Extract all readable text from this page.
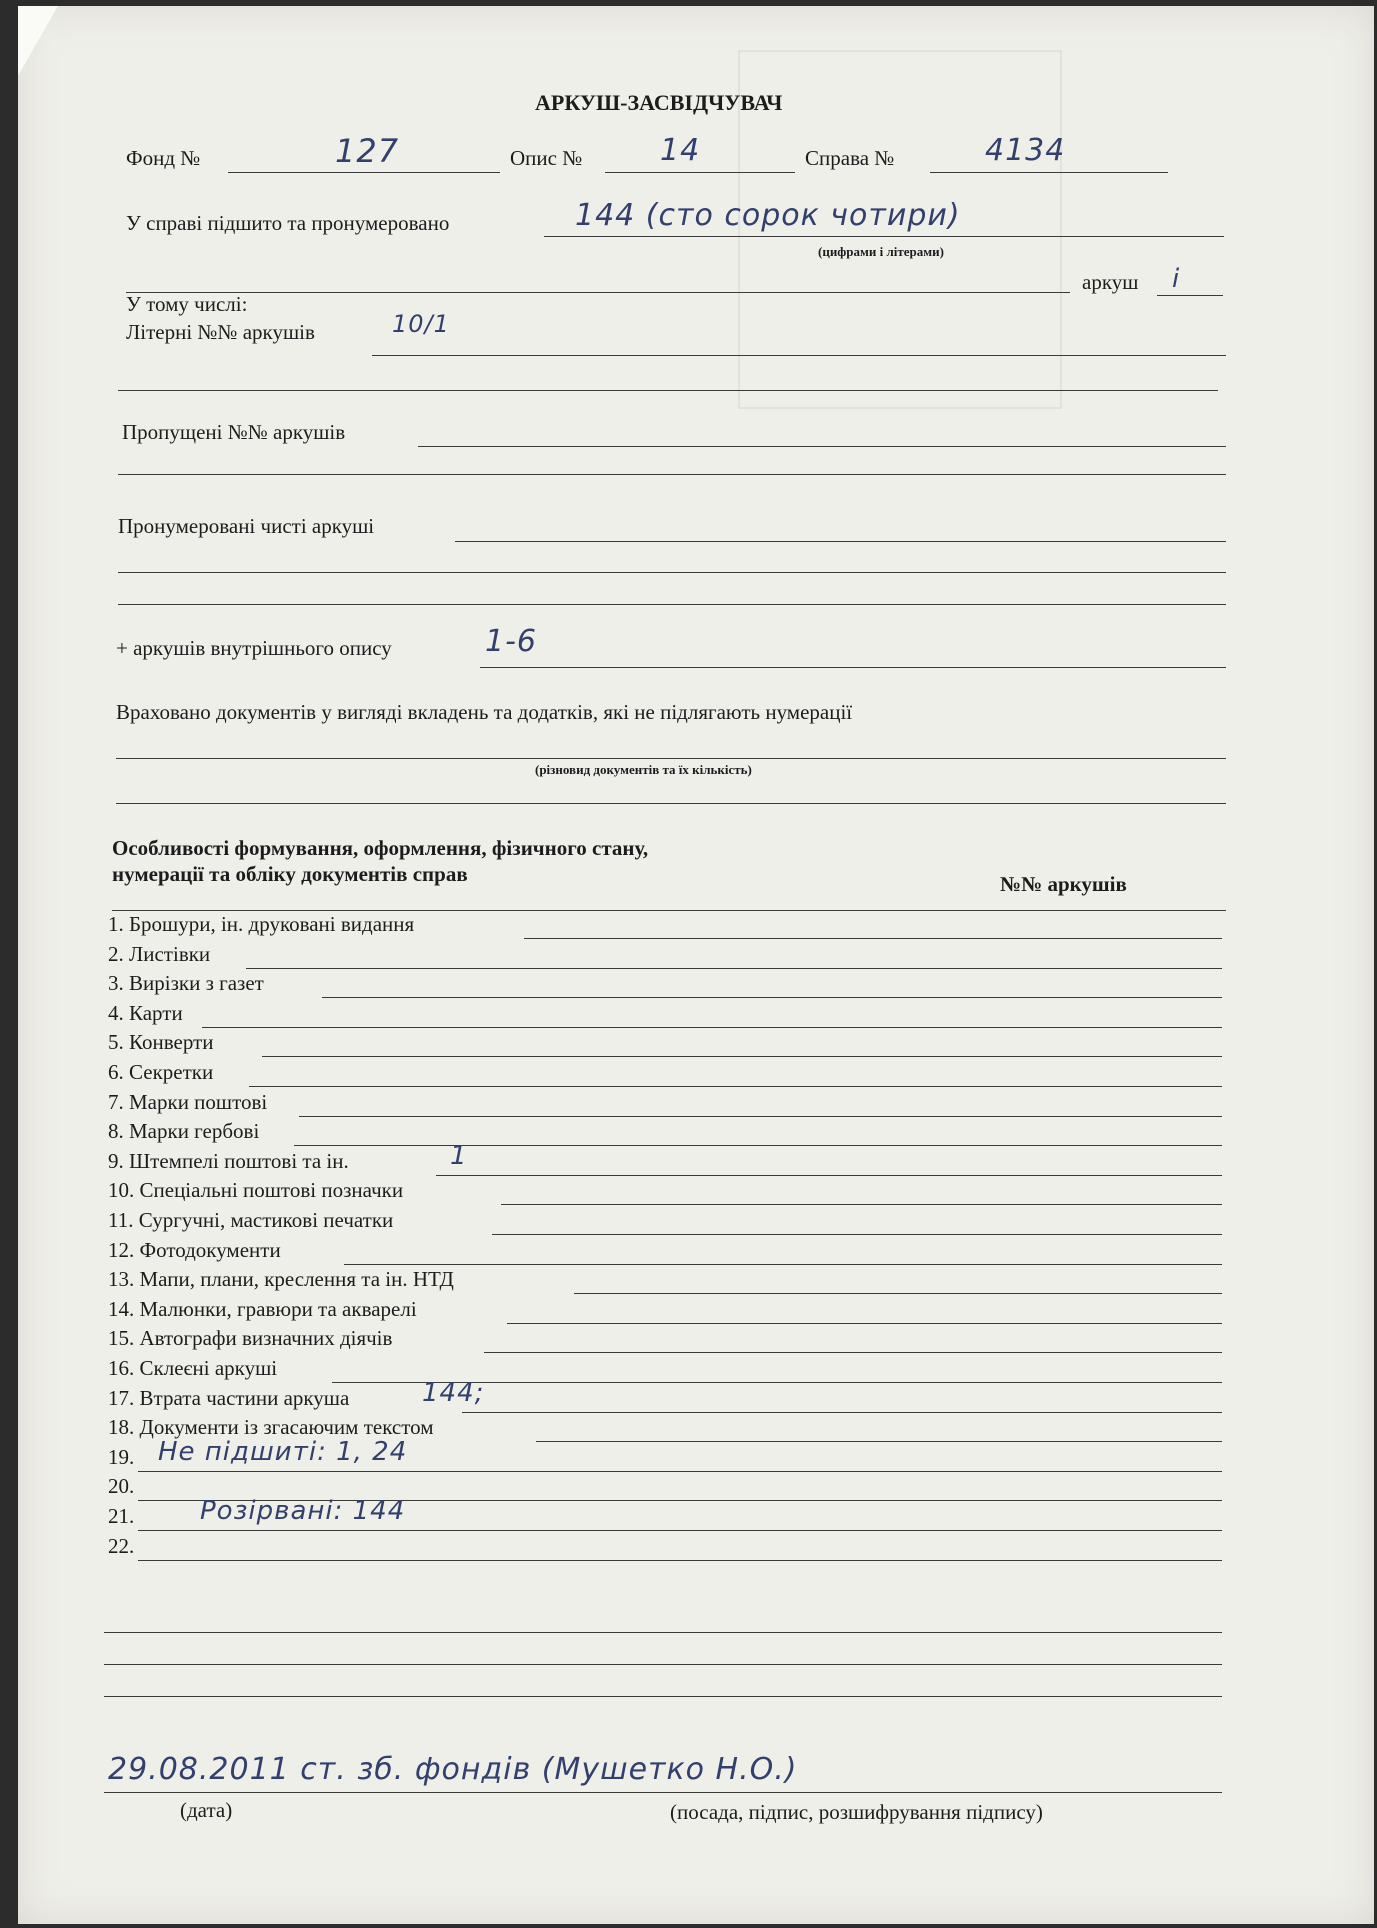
АРКУШ-ЗАСВІДЧУВАЧ
Фонд №	127	Опис №	14	Справа №	4134
У справі підшито та пронумеровано	144 (сто сорок чотири)
(цифрами і літерами)
аркуш і
У тому числі:
Літерні №№ аркушів	10/1
Пропущені №№ аркушів
Пронумеровані чисті аркуші
+ аркушів внутрішнього опису	1-6
Враховано документів у вигляді вкладень та додатків, які не підлягають нумерації
(різновид документів та їх кількість)
Особливості формування, оформлення, фізичного стану,
нумерації та обліку документів справ	№№ аркушів
1. Брошури, ін. друковані видання
2. Листівки
3. Вирізки з газет
4. Карти
5. Конверти
6. Секретки
7. Марки поштові
8. Марки гербові
9. Штемпелі поштові та ін.	1
10. Спеціальні поштові позначки
11. Сургучні, мастикові печатки
12. Фотодокументи
13. Мапи, плани, креслення та ін. НТД
14. Малюнки, гравюри та акварелі
15. Автографи визначних діячів
16. Склеєні аркуші
17. Втрата частини аркуша	144;
18. Документи із згасаючим текстом
19. Не підшиті: 1, 24
20.
21.	Розірвані: 144
22.
29.08.2011 ст. зб. фондів (Мушетко Н.О.)
(дата)	(посада, підпис, розшифрування підпису)
